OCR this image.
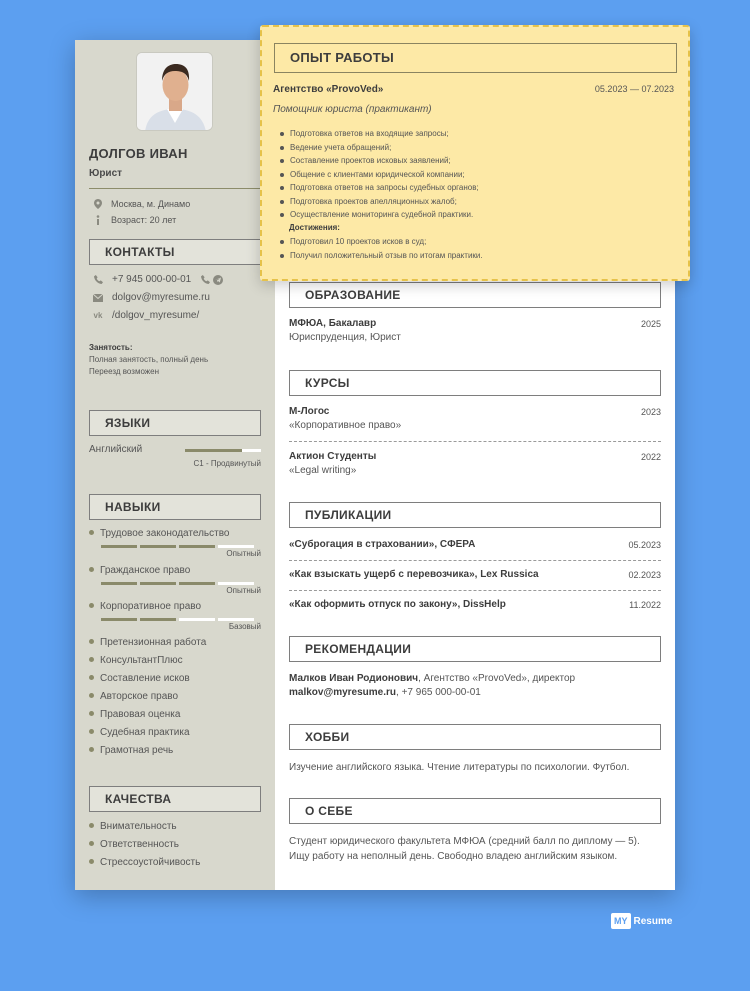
ДОЛГОВ ИВАН
Юрист
Москва, м. Динамо
Возраст: 20 лет
КОНТАКТЫ
+7 945 000-00-01
dolgov@myresume.ru
vk /dolgov_myresume/
Занятость:
Полная занятость, полный день
Переезд возможен
ЯЗЫКИ
Английский
C1 - Продвинутый
НАВЫКИ
Трудовое законодательство
Опытный
Гражданское право
Опытный
Корпоративное право
Базовый
Претензионная работа
КонсультантПлюс
Составление исков
Авторское право
Правовая оценка
Судебная практика
Грамотная речь
КАЧЕСТВА
Внимательность
Ответственность
Стрессоустойчивость
ОБРАЗОВАНИЕ
МФЮА, Бакалавр	2025
Юриспруденция, Юрист
КУРСЫ
М-Логос	2023
«Корпоративное право»
Актион Студенты	2022
«Legal writing»
ПУБЛИКАЦИИ
«Суброгация в страховании», СФЕРА	05.2023
«Как взыскать ущерб с перевозчика», Lex Russica	02.2023
«Как оформить отпуск по закону», DissHelp	11.2022
РЕКОМЕНДАЦИИ
Малков Иван Родионович, Агентство «ProvoVed», директор
malkov@myresume.ru, +7 965 000-00-01
ХОББИ
Изучение английского языка. Чтение литературы по психологии. Футбол.
О СЕБЕ
Студент юридического факультета МФЮА (средний балл по диплому — 5). Ищу работу на неполный день. Свободно владею английским языком.
ОПЫТ РАБОТЫ
Агентство «ProvoVed»	05.2023 — 07.2023
Помощник юриста (практикант)
Подготовка ответов на входящие запросы;
Ведение учета обращений;
Составление проектов исковых заявлений;
Общение с клиентами юридической компании;
Подготовка ответов на запросы судебных органов;
Подготовка проектов апелляционных жалоб;
Осуществление мониторинга судебной практики.
Достижения:
Подготовил 10 проектов исков в суд;
Получил положительный отзыв по итогам практики.
MY Resume
